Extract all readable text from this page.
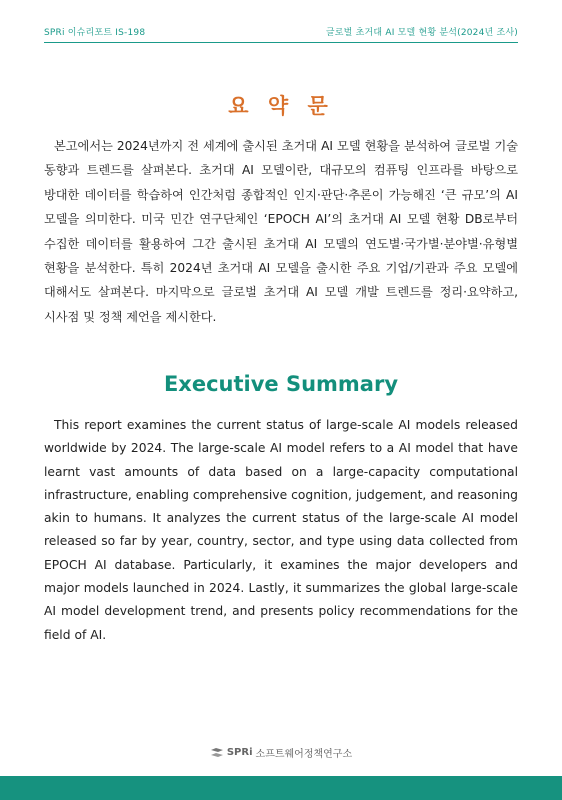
SPRi 이슈리포트 IS-198	글로벌 초거대 AI 모델 현황 분석(2024년 조사)
요 약 문

본고에서는 2024년까지 전 세계에 출시된 초거대 AI 모델 현황을 분석하여 글로벌 기술 동향과 트렌드를 살펴본다. 초거대 AI 모델이란, 대규모의 컴퓨팅 인프라를 바탕으로 방대한 데이터를 학습하여 인간처럼 종합적인 인지·판단·추론이 가능해진 ‘큰 규모’의 AI 모델을 의미한다. 미국 민간 연구단체인 ‘EPOCH AI’의 초거대 AI 모델 현황 DB로부터 수집한 데이터를 활용하여 그간 출시된 초거대 AI 모델의 연도별·국가별·분야별·유형별 현황을 분석한다. 특히 2024년 초거대 AI 모델을 출시한 주요 기업/기관과 주요 모델에 대해서도 살펴본다. 마지막으로 글로벌 초거대 AI 모델 개발 트렌드를 정리·요약하고, 시사점 및 정책 제언을 제시한다.

Executive Summary

This report examines the current status of large-scale AI models released worldwide by 2024. The large-scale AI model refers to a AI model that have learnt vast amounts of data based on a large-capacity computational infrastructure, enabling comprehensive cognition, judgement, and reasoning akin to humans. It analyzes the current status of the large-scale AI model released so far by year, country, sector, and type using data collected from EPOCH AI database. Particularly, it examines the major developers and major models launched in 2024. Lastly, it summarizes the global large-scale AI model development trend, and presents policy recommendations for the field of AI.

SPRi 소프트웨어정책연구소
